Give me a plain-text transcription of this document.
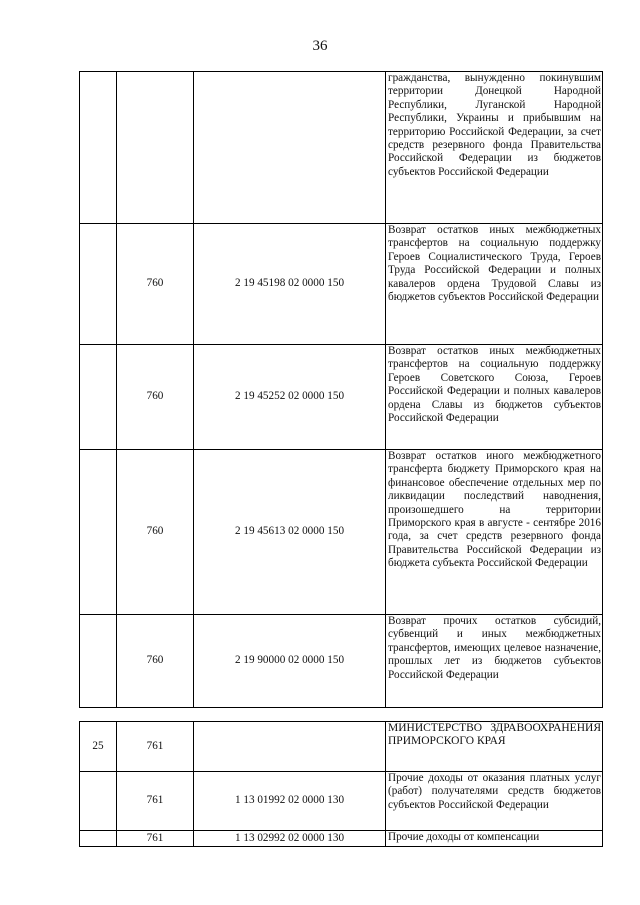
36
			гражданства, вынужденно покинувшим территории Донецкой Народной Республики, Луганской Народной Республики, Украины и прибывшим на территорию Российской Федерации, за счет средств резервного фонда Правительства Российской Федерации из бюджетов субъектов Российской Федерации
	760	2 19 45198 02 0000 150	Возврат остатков иных межбюджетных трансфертов на социальную поддержку Героев Социалистического Труда, Героев Труда Российской Федерации и полных кавалеров ордена Трудовой Славы из бюджетов субъектов Российской Федерации
	760	2 19 45252 02 0000 150	Возврат остатков иных межбюджетных трансфертов на социальную поддержку Героев Советского Союза, Героев Российской Федерации и полных кавалеров ордена Славы из бюджетов субъектов Российской Федерации
	760	2 19 45613 02 0000 150	Возврат остатков иного межбюджетного трансферта бюджету Приморского края на финансовое обеспечение отдельных мер по ликвидации последствий наводнения, произошедшего на территории Приморского края в августе - сентябре 2016 года, за счет средств резервного фонда Правительства Российской Федерации из бюджета субъекта Российской Федерации
	760	2 19 90000 02 0000 150	Возврат прочих остатков субсидий, субвенций и иных межбюджетных трансфертов, имеющих целевое назначение, прошлых лет из бюджетов субъектов Российской Федерации
25	761		МИНИСТЕРСТВО ЗДРАВООХРАНЕНИЯ ПРИМОРСКОГО КРАЯ
	761	1 13 01992 02 0000 130	Прочие доходы от оказания платных услуг (работ) получателями средств бюджетов субъектов Российской Федерации
	761	1 13 02992 02 0000 130	Прочие доходы от компенсации
